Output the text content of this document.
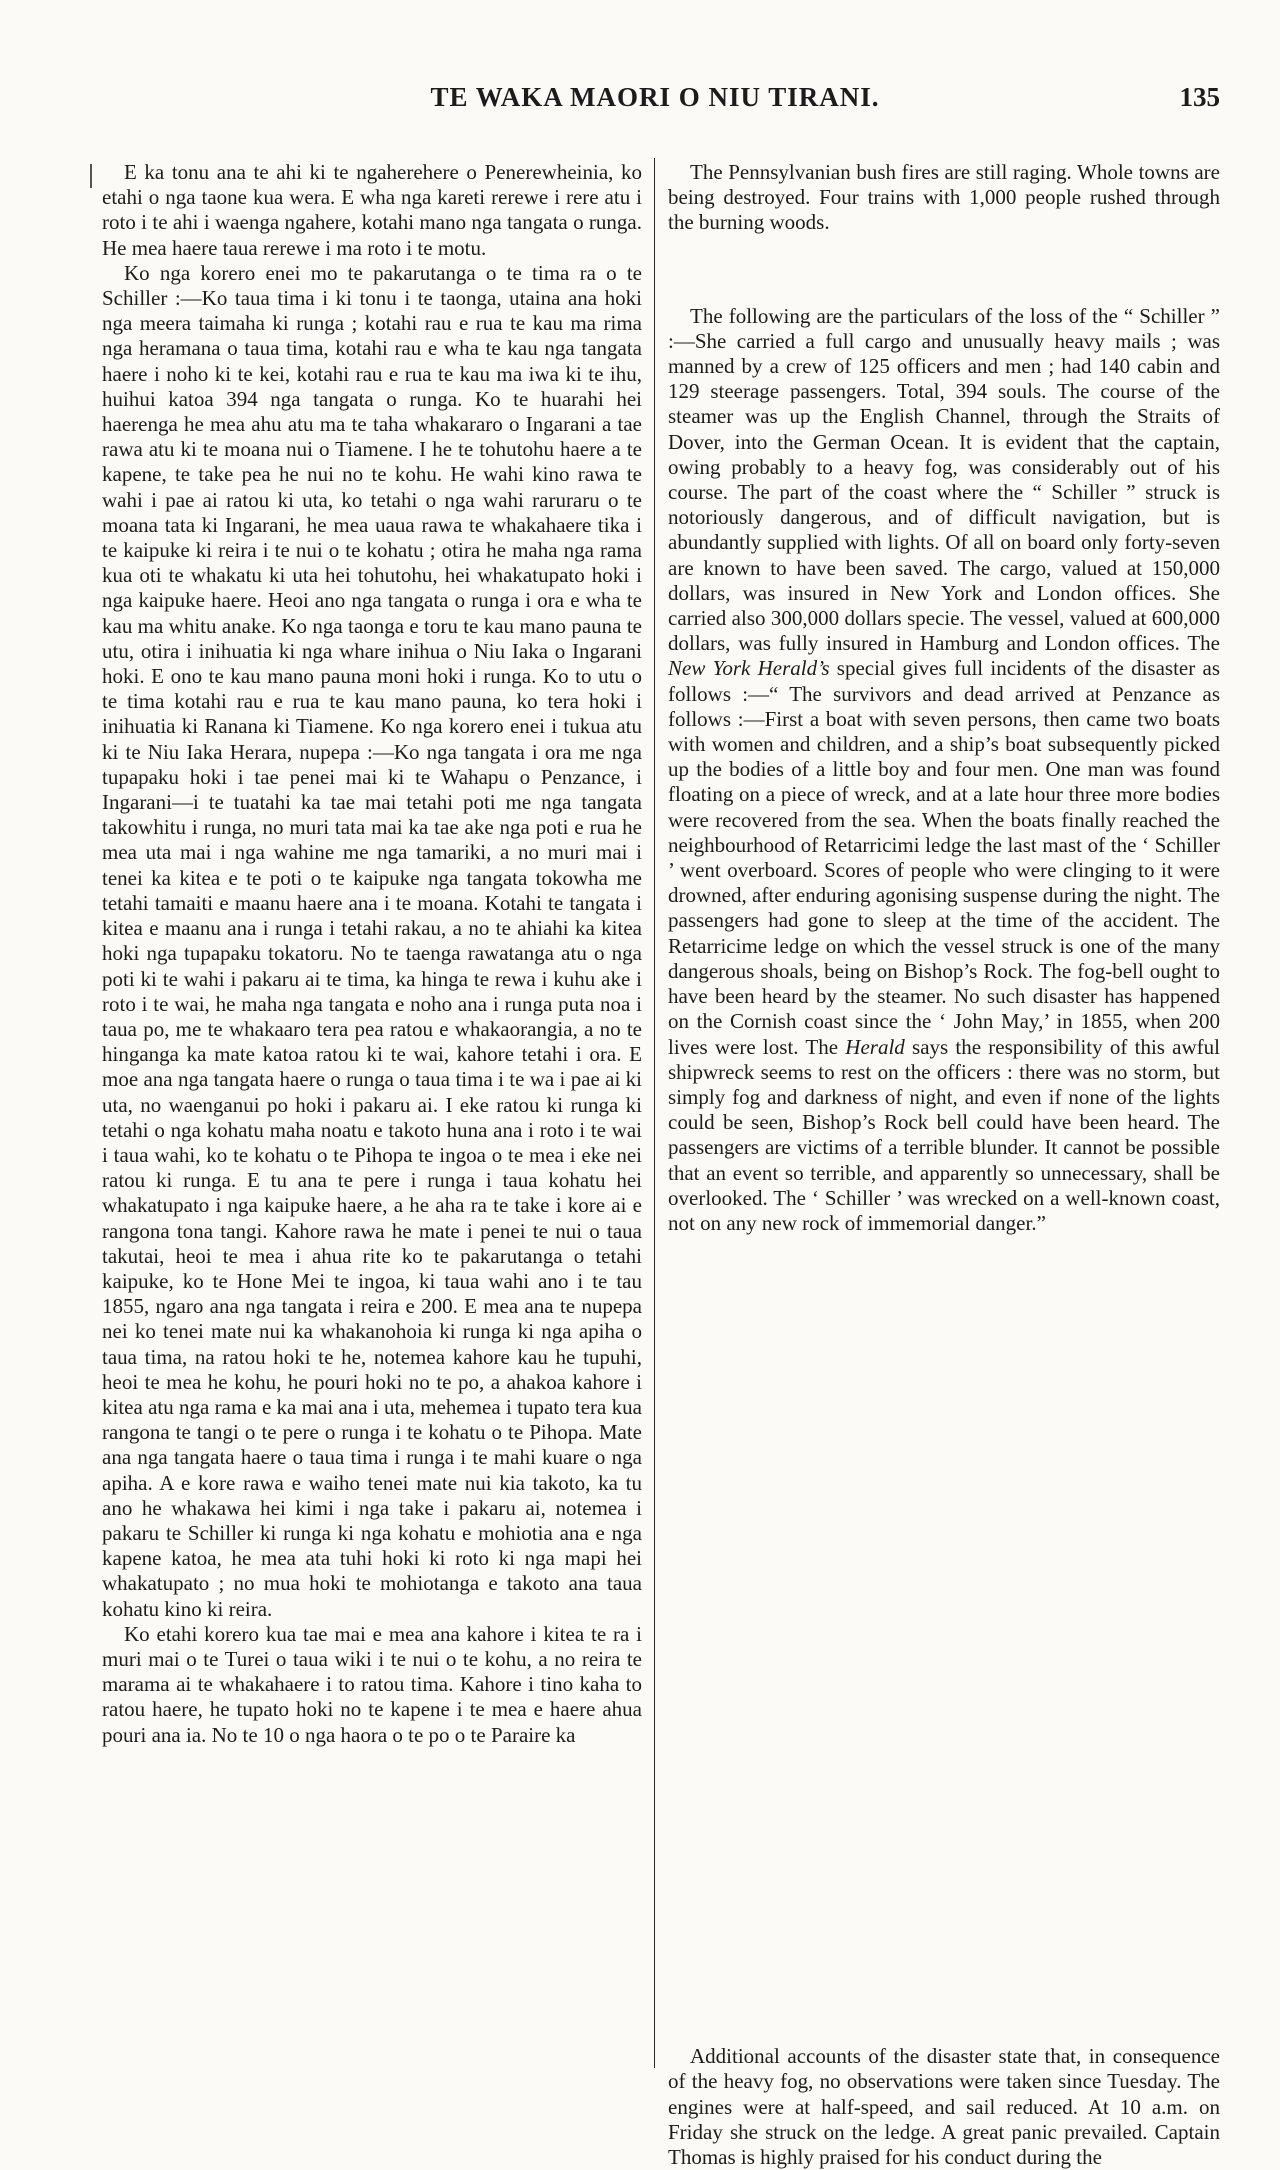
TE WAKA MAORI O NIU TIRANI.	135

E ka tonu ana te ahi ki te ngaherehere o Penerewheinia, ko etahi o nga taone kua wera. E wha nga kareti rerewe i rere atu i roto i te ahi i waenga ngahere, kotahi mano nga tangata o runga. He mea haere taua rerewe i ma roto i te motu.

Ko nga korero enei mo te pakarutanga o te tima ra o te Schiller :—Ko taua tima i ki tonu i te taonga, utaina ana hoki nga meera taimaha ki runga ; kotahi rau e rua te kau ma rima nga heramana o taua tima, kotahi rau e wha te kau nga tangata haere i noho ki te kei, kotahi rau e rua te kau ma iwa ki te ihu, huihui katoa 394 nga tangata o runga. Ko te huarahi hei haerenga he mea ahu atu ma te taha whakararo o Ingarani a tae rawa atu ki te moana nui o Tiamene. I he te tohutohu haere a te kapene, te take pea he nui no te kohu. He wahi kino rawa te wahi i pae ai ratou ki uta, ko tetahi o nga wahi raruraru o te moana tata ki Ingarani, he mea uaua rawa te whakahaere tika i te kaipuke ki reira i te nui o te kohatu ; otira he maha nga rama kua oti te whakatu ki uta hei tohutohu, hei whakatupato hoki i nga kaipuke haere. Heoi ano nga tangata o runga i ora e wha te kau ma whitu anake. Ko nga taonga e toru te kau mano pauna te utu, otira i inihuatia ki nga whare inihua o Niu Iaka o Ingarani hoki. E ono te kau mano pauna moni hoki i runga. Ko to utu o te tima kotahi rau e rua te kau mano pauna, ko tera hoki i inihuatia ki Ranana ki Tiamene. Ko nga korero enei i tukua atu ki te Niu Iaka Herara, nupepa :—Ko nga tangata i ora me nga tupapaku hoki i tae penei mai ki te Wahapu o Penzance, i Ingarani—i te tuatahi ka tae mai tetahi poti me nga tangata takowhitu i runga, no muri tata mai ka tae ake nga poti e rua he mea uta mai i nga wahine me nga tamariki, a no muri mai i tenei ka kitea e te poti o te kaipuke nga tangata tokowha me tetahi tamaiti e maanu haere ana i te moana. Kotahi te tangata i kitea e maanu ana i runga i tetahi rakau, a no te ahiahi ka kitea hoki nga tupapaku tokatoru. No te taenga rawatanga atu o nga poti ki te wahi i pakaru ai te tima, ka hinga te rewa i kuhu ake i roto i te wai, he maha nga tangata e noho ana i runga puta noa i taua po, me te whakaaro tera pea ratou e whakaorangia, a no te hinganga ka mate katoa ratou ki te wai, kahore tetahi i ora. E moe ana nga tangata haere o runga o taua tima i te wa i pae ai ki uta, no waenganui po hoki i pakaru ai. I eke ratou ki runga ki tetahi o nga kohatu maha noatu e takoto huna ana i roto i te wai i taua wahi, ko te kohatu o te Pihopa te ingoa o te mea i eke nei ratou ki runga. E tu ana te pere i runga i taua kohatu hei whakatupato i nga kaipuke haere, a he aha ra te take i kore ai e rangona tona tangi. Kahore rawa he mate i penei te nui o taua takutai, heoi te mea i ahua rite ko te pakarutanga o tetahi kaipuke, ko te Hone Mei te ingoa, ki taua wahi ano i te tau 1855, ngaro ana nga tangata i reira e 200. E mea ana te nupepa nei ko tenei mate nui ka whakanohoia ki runga ki nga apiha o taua tima, na ratou hoki te he, notemea kahore kau he tupuhi, heoi te mea he kohu, he pouri hoki no te po, a ahakoa kahore i kitea atu nga rama e ka mai ana i uta, mehemea i tupato tera kua rangona te tangi o te pere o runga i te kohatu o te Pihopa. Mate ana nga tangata haere o taua tima i runga i te mahi kuare o nga apiha. A e kore rawa e waiho tenei mate nui kia takoto, ka tu ano he whakawa hei kimi i nga take i pakaru ai, notemea i pakaru te Schiller ki runga ki nga kohatu e mohiotia ana e nga kapene katoa, he mea ata tuhi hoki ki roto ki nga mapi hei whakatupato ; no mua hoki te mohiotanga e takoto ana taua kohatu kino ki reira.

Ko etahi korero kua tae mai e mea ana kahore i kitea te ra i muri mai o te Turei o taua wiki i te nui o te kohu, a no reira te marama ai te whakahaere i to ratou tima. Kahore i tino kaha to ratou haere, he tupato hoki no te kapene i te mea e haere ahua pouri ana ia. No te 10 o nga haora o te po o te Paraire ka

The Pennsylvanian bush fires are still raging. Whole towns are being destroyed. Four trains with 1,000 people rushed through the burning woods.

The following are the particulars of the loss of the “ Schiller ” :—She carried a full cargo and unusually heavy mails ; was manned by a crew of 125 officers and men ; had 140 cabin and 129 steerage passengers. Total, 394 souls. The course of the steamer was up the English Channel, through the Straits of Dover, into the German Ocean. It is evident that the captain, owing probably to a heavy fog, was considerably out of his course. The part of the coast where the “ Schiller ” struck is notoriously dangerous, and of difficult navigation, but is abundantly supplied with lights. Of all on board only forty-seven are known to have been saved. The cargo, valued at 150,000 dollars, was insured in New York and London offices. She carried also 300,000 dollars specie. The vessel, valued at 600,000 dollars, was fully insured in Hamburg and London offices. The New York Herald’s special gives full incidents of the disaster as follows :—“ The survivors and dead arrived at Penzance as follows :—First a boat with seven persons, then came two boats with women and children, and a ship’s boat subsequently picked up the bodies of a little boy and four men. One man was found floating on a piece of wreck, and at a late hour three more bodies were recovered from the sea. When the boats finally reached the neighbourhood of Retarricimi ledge the last mast of the ‘ Schiller ’ went overboard. Scores of people who were clinging to it were drowned, after enduring agonising suspense during the night. The passengers had gone to sleep at the time of the accident. The Retarricime ledge on which the vessel struck is one of the many dangerous shoals, being on Bishop’s Rock. The fog-bell ought to have been heard by the steamer. No such disaster has happened on the Cornish coast since the ‘ John May,’ in 1855, when 200 lives were lost. The Herald says the responsibility of this awful shipwreck seems to rest on the officers : there was no storm, but simply fog and darkness of night, and even if none of the lights could be seen, Bishop’s Rock bell could have been heard. The passengers are victims of a terrible blunder. It cannot be possible that an event so terrible, and apparently so unnecessary, shall be overlooked. The ‘ Schiller ’ was wrecked on a well-known coast, not on any new rock of immemorial danger.”

Additional accounts of the disaster state that, in consequence of the heavy fog, no observations were taken since Tuesday. The engines were at half-speed, and sail reduced. At 10 a.m. on Friday she struck on the ledge. A great panic prevailed. Captain Thomas is highly praised for his conduct during the
